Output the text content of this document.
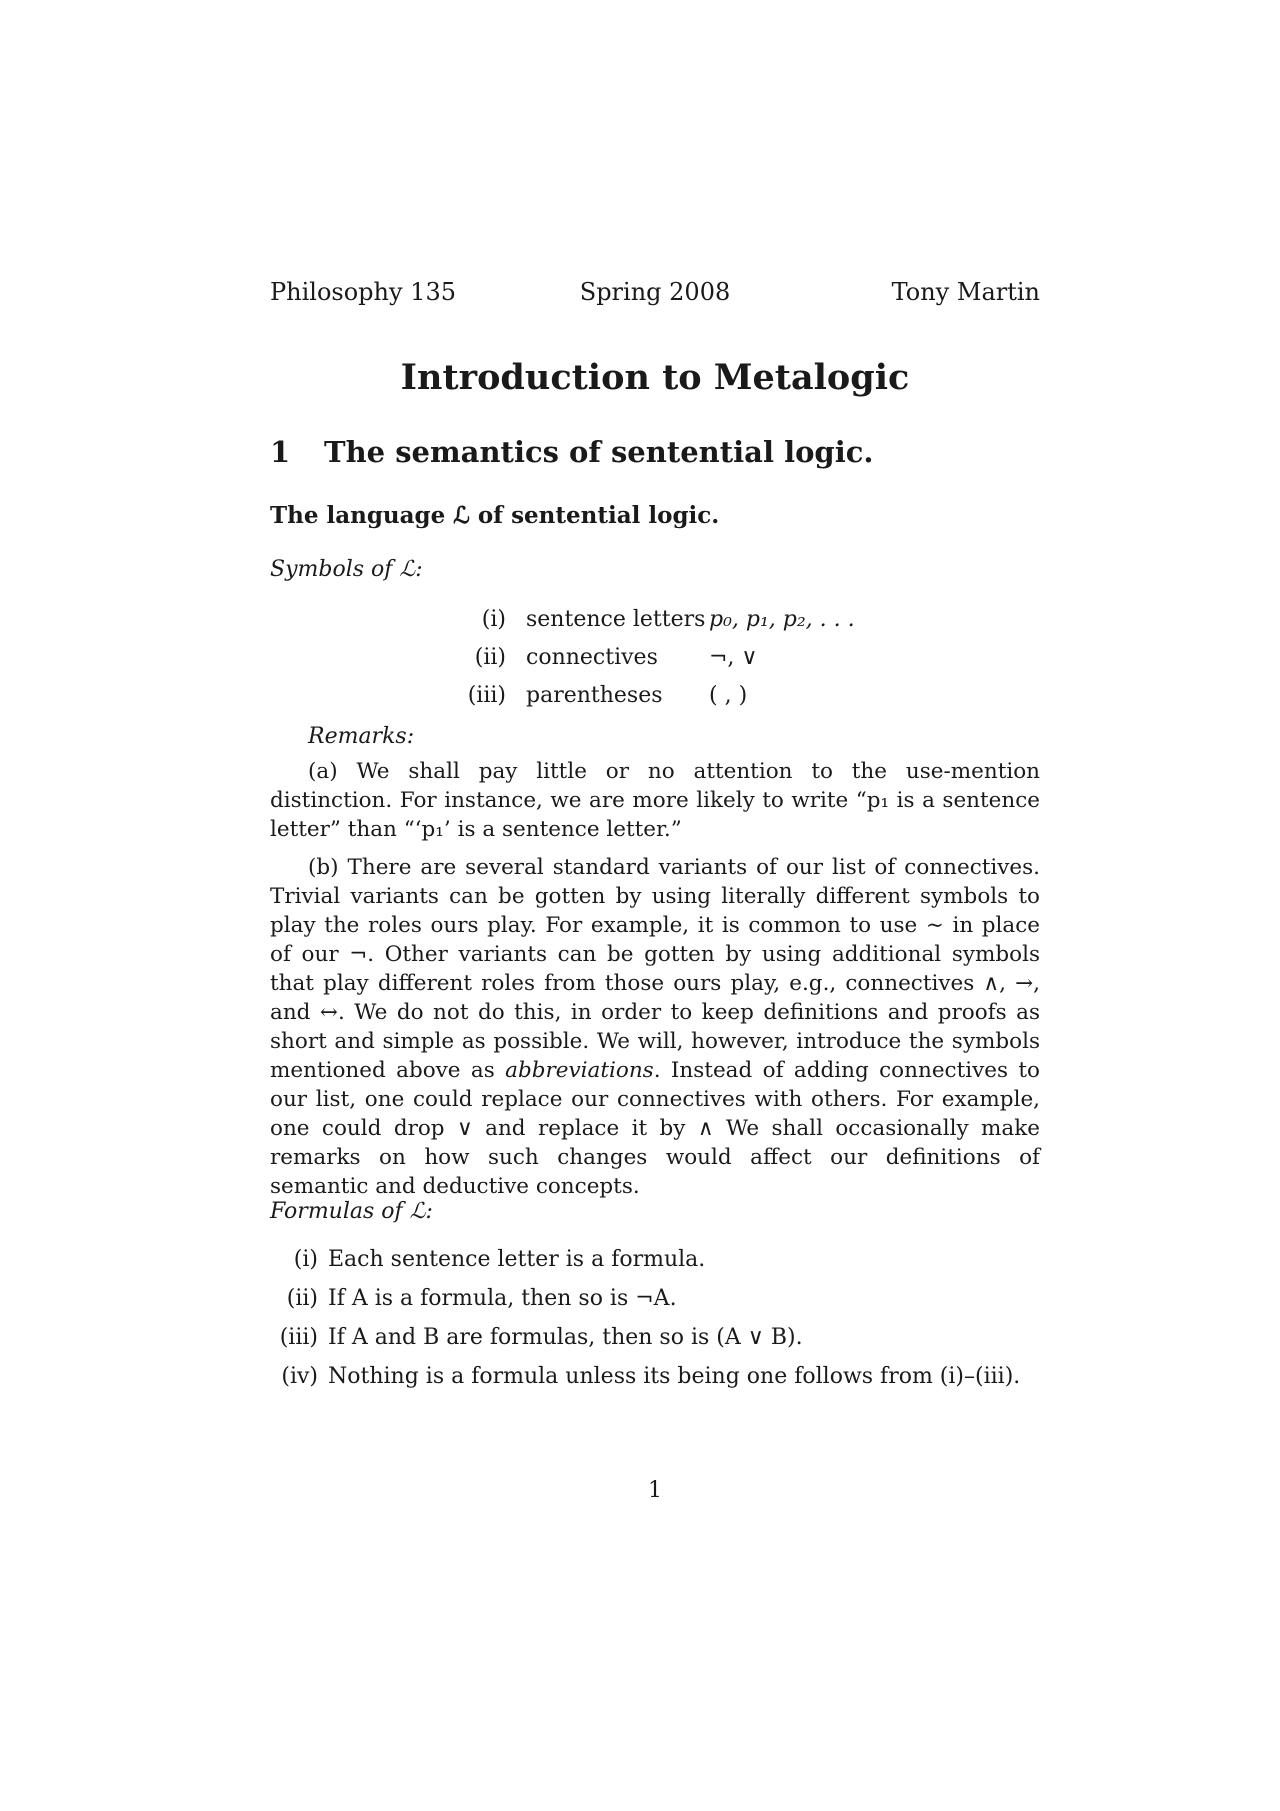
Philosophy 135	Spring 2008	Tony Martin
Introduction to Metalogic
1 The semantics of sentential logic.
The language ℒ of sentential logic.

Symbols of ℒ:

(i)	sentence letters	p₀, p₁, p₂, . . .
(ii)	connectives	¬, ∨
(iii)	parentheses	( , )

Remarks:

(a) We shall pay little or no attention to the use-mention distinction. For instance, we are more likely to write “p₁ is a sentence letter” than “‘p₁’ is a sentence letter.”

(b) There are several standard variants of our list of connectives. Trivial variants can be gotten by using literally different symbols to play the roles ours play. For example, it is common to use ∼ in place of our ¬. Other variants can be gotten by using additional symbols that play different roles from those ours play, e.g., connectives ∧, →, and ↔. We do not do this, in order to keep definitions and proofs as short and simple as possible. We will, however, introduce the symbols mentioned above as abbreviations. Instead of adding connectives to our list, one could replace our connectives with others. For example, one could drop ∨ and replace it by ∧ We shall occasionally make remarks on how such changes would affect our definitions of semantic and deductive concepts.

Formulas of ℒ:

(i) Each sentence letter is a formula.
(ii) If A is a formula, then so is ¬A.
(iii) If A and B are formulas, then so is (A ∨ B).
(iv) Nothing is a formula unless its being one follows from (i)–(iii).
1
